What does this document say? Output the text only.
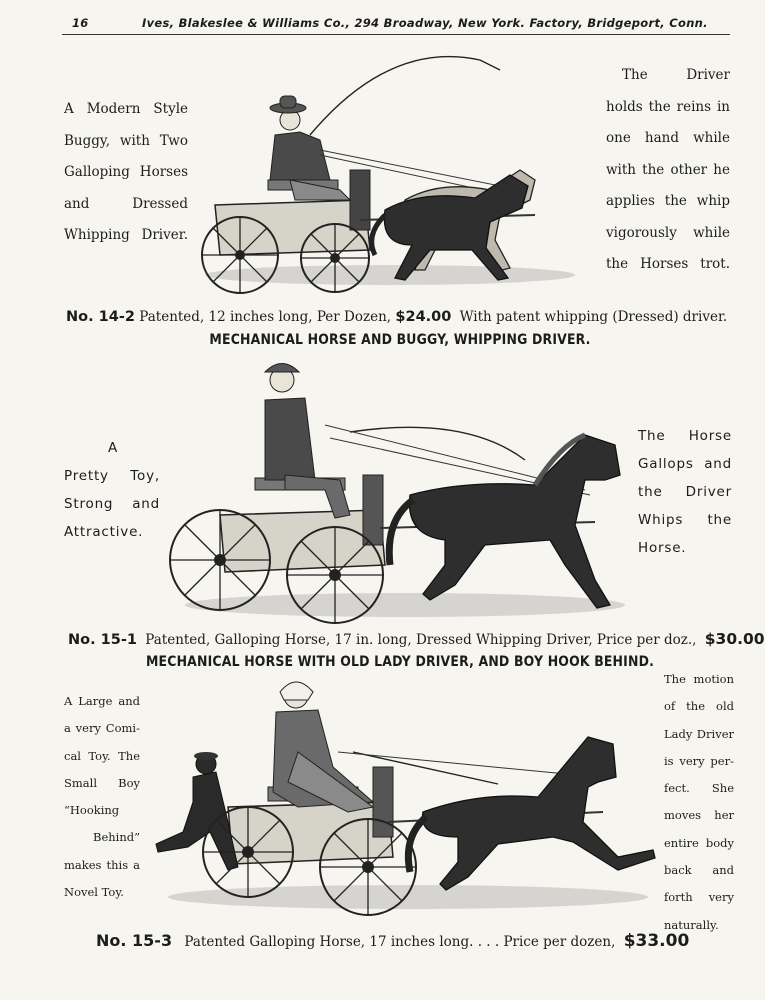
16	Ives, Blakeslee & Williams Co., 294 Broadway, New York. Factory, Bridgeport, Conn.
A Modern Style
Buggy, with Two
Galloping Horses
and Dressed
Whipping Driver.
The Driver
holds the reins in
one hand while
with the other he
applies the whip
vigorously while
the Horses trot.
No. 14-2 Patented, 12 inches long, Per Dozen, $24.00 With patent whipping (Dressed) driver.
MECHANICAL HORSE AND BUGGY, WHIPPING DRIVER.
A
Pretty Toy,
Strong and
Attractive.
The Horse
Gallops and
the Driver
Whips the
Horse.
No. 15-1 Patented, Galloping Horse, 17 in. long, Dressed Whipping Driver, Price per doz., $30.00
MECHANICAL HORSE WITH OLD LADY DRIVER, AND BOY HOOK BEHIND.
A Large and
a very Comi-
cal Toy. The
Small Boy
“Hooking
Behind”
makes this a
Novel Toy.
The motion
of the old
Lady Driver
is very per-
fect. She
moves her
entire body
back and
forth very
naturally.
No. 15-3 Patented Galloping Horse, 17 inches long. . . . Price per dozen, $33.00
